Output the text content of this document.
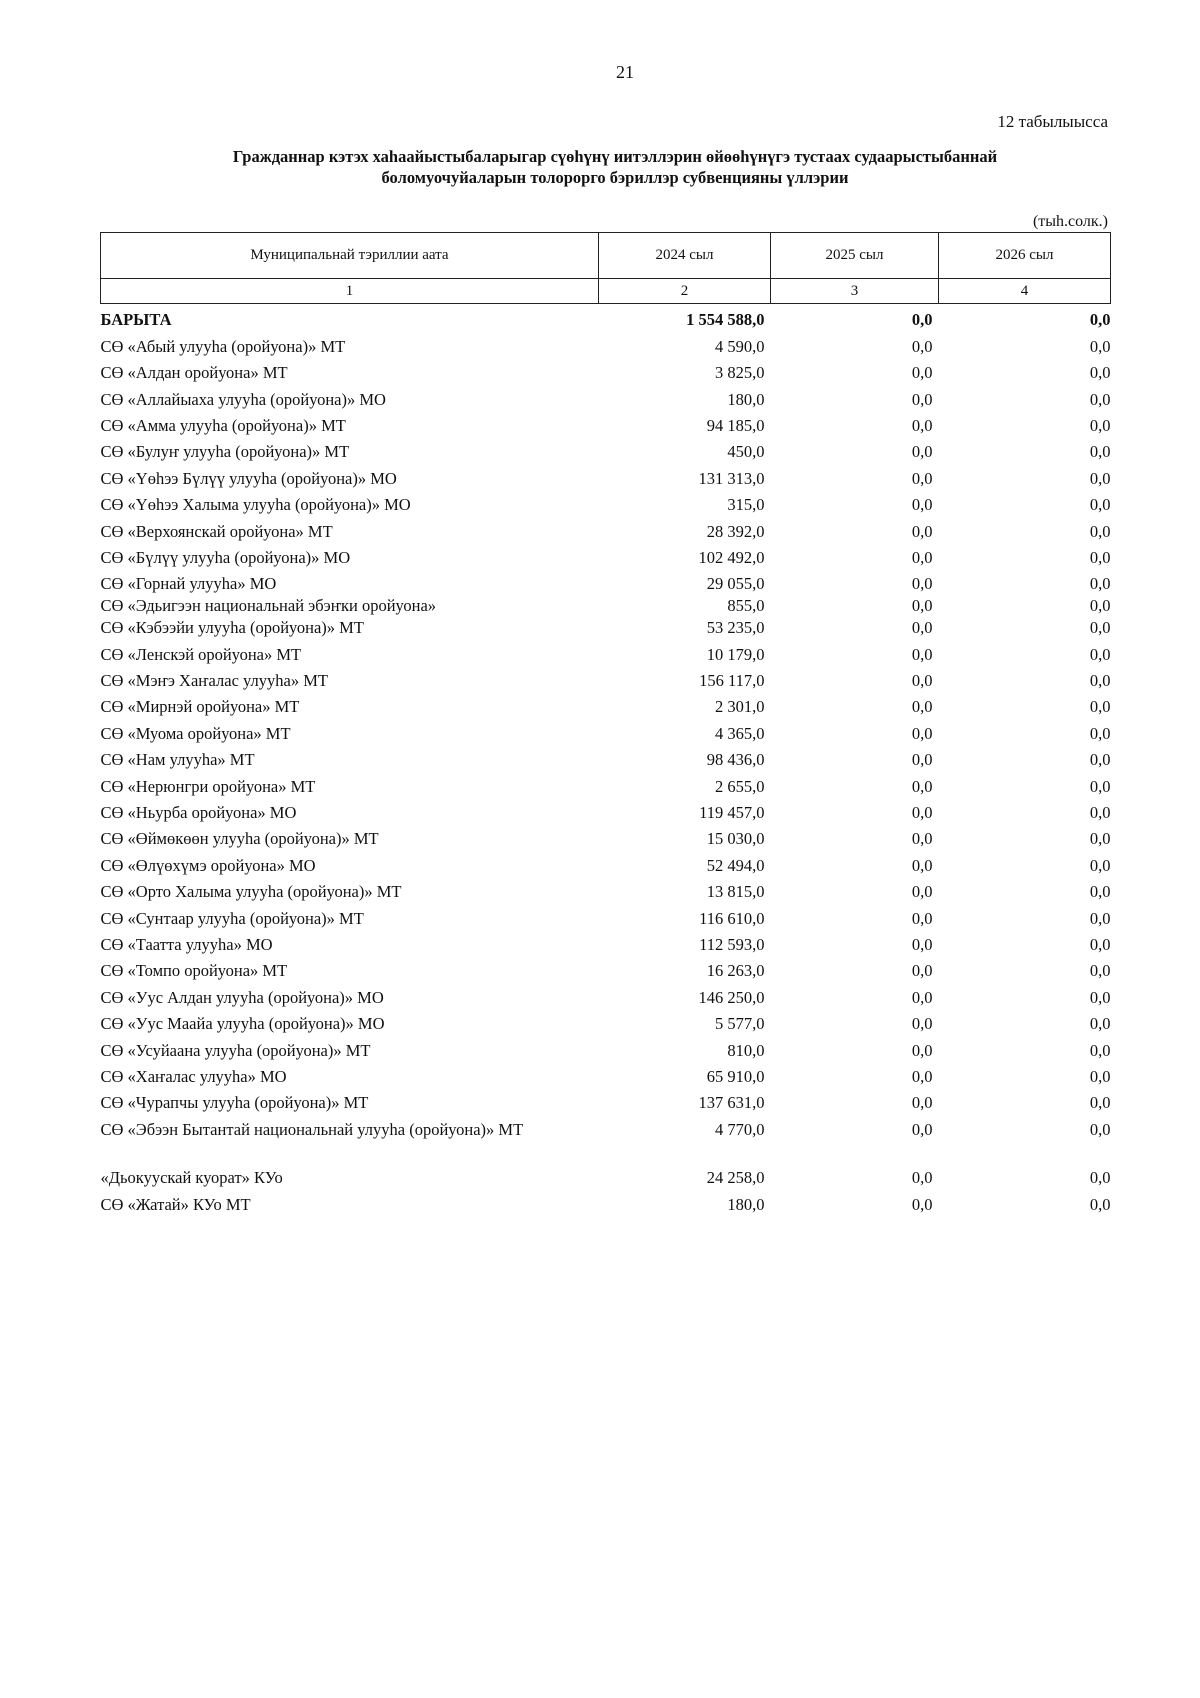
21
12 табылыысса
Гражданнар кэтэх хаһаайыстыбаларыгар сүөһүнү иитэллэрин өйөөһүнүгэ тустаах судаарыстыбаннай
боломуочуйаларын толорорго бэриллэр субвенцияны үллэрии
(тыһ.солк.)
Муниципальнай тэриллии аата	2024 сыл	2025 сыл	2026 сыл
1	2	3	4
БАРЫТА	1 554 588,0	0,0	0,0
СӨ «Абый улууһа (оройуона)» МТ	4 590,0	0,0	0,0
СӨ «Алдан оройуона» МТ	3 825,0	0,0	0,0
СӨ «Аллайыаха улууһа (оройуона)» МО	180,0	0,0	0,0
СӨ «Амма улууһа (оройуона)» МТ	94 185,0	0,0	0,0
СӨ «Булуҥ улууһа (оройуона)» МТ	450,0	0,0	0,0
СӨ «Үөһээ Бүлүү улууһа (оройуона)» МО	131 313,0	0,0	0,0
СӨ «Үөһээ Халыма улууһа (оройуона)» МО	315,0	0,0	0,0
СӨ «Верхоянскай оройуона» МТ	28 392,0	0,0	0,0
СӨ «Бүлүү улууһа (оройуона)» МО	102 492,0	0,0	0,0
СӨ «Горнай улууһа» МО	29 055,0	0,0	0,0
СӨ «Эдьигээн национальнай эбэҥки оройуона»	855,0	0,0	0,0
СӨ «Кэбээйи улууһа (оройуона)» МТ	53 235,0	0,0	0,0
СӨ «Ленскэй оройуона» МТ	10 179,0	0,0	0,0
СӨ «Мэҥэ Хаҥалас улууһа» МТ	156 117,0	0,0	0,0
СӨ «Мирнэй оройуона» МТ	2 301,0	0,0	0,0
СӨ «Муома оройуона» МТ	4 365,0	0,0	0,0
СӨ «Нам улууһа» МТ	98 436,0	0,0	0,0
СӨ «Нерюнгри оройуона» МТ	2 655,0	0,0	0,0
СӨ «Ньурба оройуона» МО	119 457,0	0,0	0,0
СӨ «Өймөкөөн улууһа (оройуона)» МТ	15 030,0	0,0	0,0
СӨ «Өлүөхүмэ оройуона» МО	52 494,0	0,0	0,0
СӨ «Орто Халыма улууһа (оройуона)» МТ	13 815,0	0,0	0,0
СӨ «Сунтаар улууһа (оройуона)» МТ	116 610,0	0,0	0,0
СӨ «Таатта улууһа» МО	112 593,0	0,0	0,0
СӨ «Томпо оройуона» МТ	16 263,0	0,0	0,0
СӨ «Уус Алдан улууһа (оройуона)» МО	146 250,0	0,0	0,0
СӨ «Уус Маайа улууһа (оройуона)» МО	5 577,0	0,0	0,0
СӨ «Усуйаана улууһа (оройуона)» МТ	810,0	0,0	0,0
СӨ «Хаҥалас улууһа» МО	65 910,0	0,0	0,0
СӨ «Чурапчы улууһа (оройуона)» МТ	137 631,0	0,0	0,0
СӨ «Эбээн Бытантай национальнай улууһа (оройуона)» МТ	4 770,0	0,0	0,0

«Дьокуускай куорат» КУо	24 258,0	0,0	0,0
СӨ «Жатай» КУо МТ	180,0	0,0	0,0
